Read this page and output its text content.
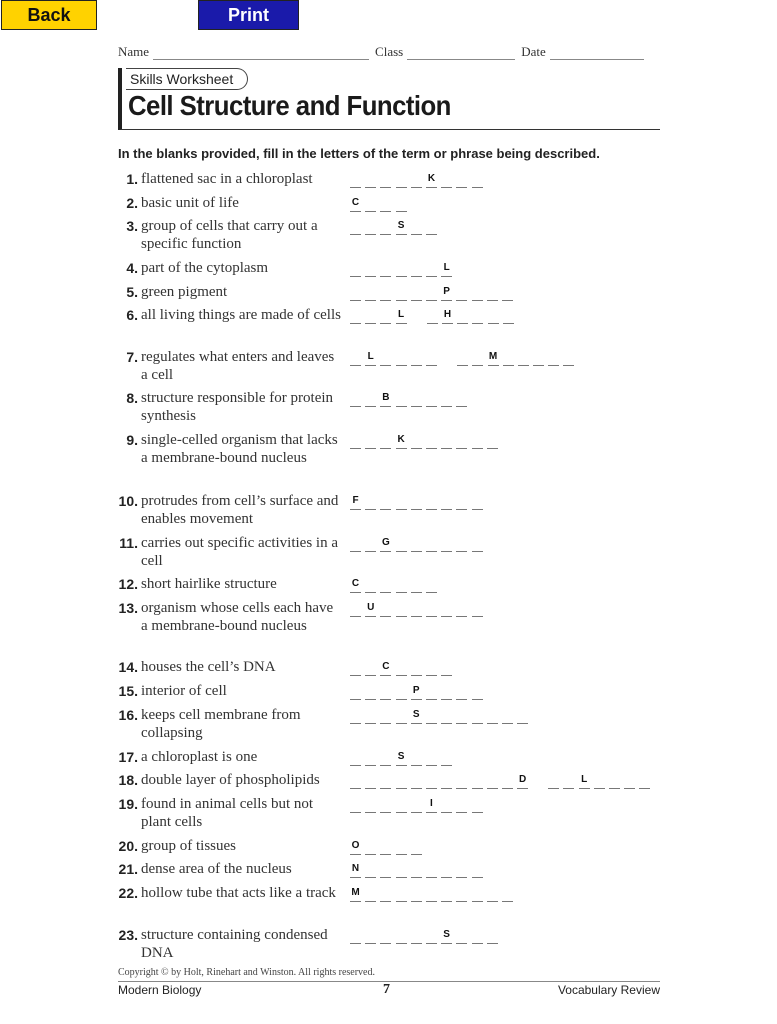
Back	Print
Name	Class	Date
Skills Worksheet
Cell Structure and Function
In the blanks provided, fill in the letters of the term or phrase being described.
1. flattened sac in a chloroplast	K
2. basic unit of life	C
3. group of cells that carry out a specific function
S
4. part of the cytoplasm	L
5. green pigment	P
6. all living things are made of cells	L	H
7. regulates what enters and leaves a cell
L	M
8. structure responsible for protein synthesis
B
9. single-celled organism that lacks a membrane-bound nucleus
K
10. protrudes from cell’s surface and enables movement
F
11. carries out specific activities in a cell
G
12. short hairlike structure	C
13. organism whose cells each have a membrane-bound nucleus
U
14. houses the cell’s DNA	C
15. interior of cell	P
16. keeps cell membrane from collapsing
S
17. a chloroplast is one	S
18. double layer of phospholipids	D	L
19. found in animal cells but not plant cells
I
20. group of tissues	O
21. dense area of the nucleus	N
22. hollow tube that acts like a track	M
23. structure containing condensed DNA
S
Copyright © by Holt, Rinehart and Winston. All rights reserved.
Modern Biology	7	Vocabulary Review
